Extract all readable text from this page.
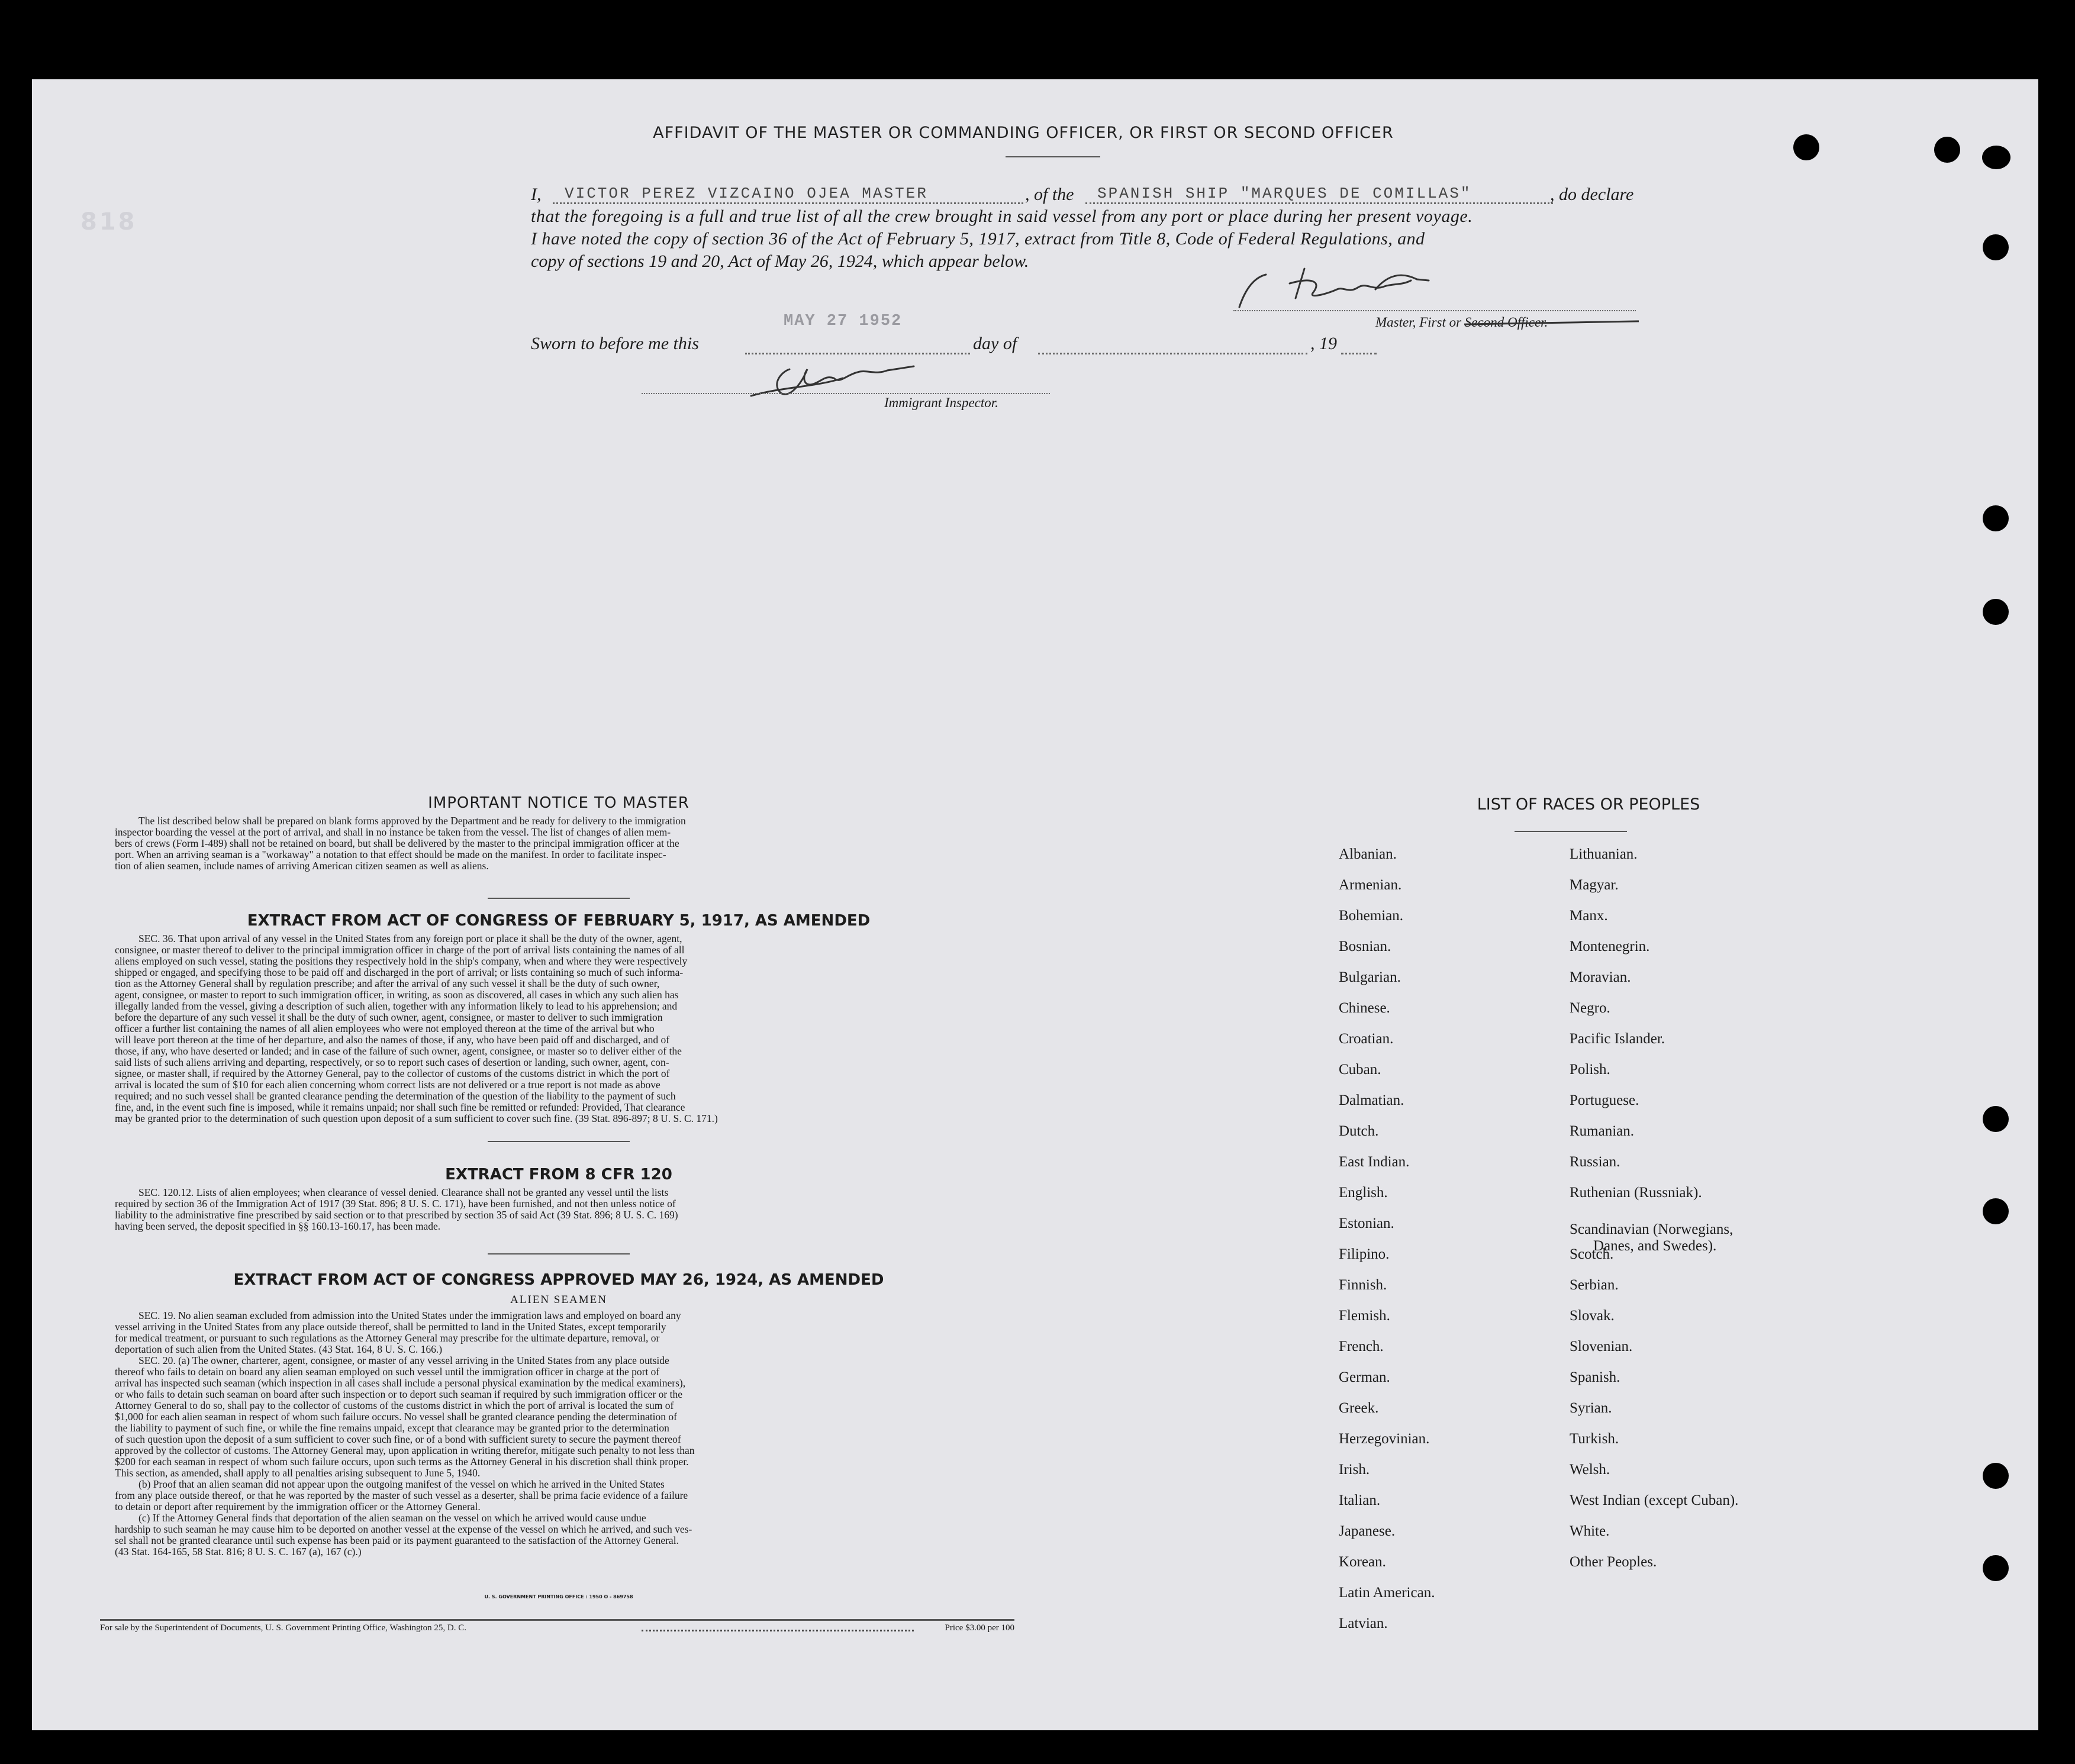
818
AFFIDAVIT OF THE MASTER OR COMMANDING OFFICER, OR FIRST OR SECOND OFFICER
I, VICTOR PEREZ VIZCAINO OJEA MASTER	, of the SPANISH SHIP "MARQUES DE COMILLAS"	, do declare
that the foregoing is a full and true list of all the crew brought in said vessel from any port or place during her present voyage.
I have noted the copy of section 36 of the Act of February 5, 1917, extract from Title 8, Code of Federal Regulations, and
copy of sections 19 and 20, Act of May 26, 1924, which appear below.
Master, First or Second Officer.
Sworn to before me this
MAY 27 1952
day of	, 19
Immigrant Inspector.
IMPORTANT NOTICE TO MASTER
The list described below shall be prepared on blank forms approved by the Department and be ready for delivery to the immigration
inspector boarding the vessel at the port of arrival, and shall in no instance be taken from the vessel. The list of changes of alien mem-
bers of crews (Form I-489) shall not be retained on board, but shall be delivered by the master to the principal immigration officer at the
port. When an arriving seaman is a "workaway" a notation to that effect should be made on the manifest. In order to facilitate inspec-
tion of alien seamen, include names of arriving American citizen seamen as well as aliens.
EXTRACT FROM ACT OF CONGRESS OF FEBRUARY 5, 1917, AS AMENDED
SEC. 36. That upon arrival of any vessel in the United States from any foreign port or place it shall be the duty of the owner, agent,
consignee, or master thereof to deliver to the principal immigration officer in charge of the port of arrival lists containing the names of all
aliens employed on such vessel, stating the positions they respectively hold in the ship's company, when and where they were respectively
shipped or engaged, and specifying those to be paid off and discharged in the port of arrival; or lists containing so much of such informa-
tion as the Attorney General shall by regulation prescribe; and after the arrival of any such vessel it shall be the duty of such owner,
agent, consignee, or master to report to such immigration officer, in writing, as soon as discovered, all cases in which any such alien has
illegally landed from the vessel, giving a description of such alien, together with any information likely to lead to his apprehension; and
before the departure of any such vessel it shall be the duty of such owner, agent, consignee, or master to deliver to such immigration
officer a further list containing the names of all alien employees who were not employed thereon at the time of the arrival but who
will leave port thereon at the time of her departure, and also the names of those, if any, who have been paid off and discharged, and of
those, if any, who have deserted or landed; and in case of the failure of such owner, agent, consignee, or master so to deliver either of the
said lists of such aliens arriving and departing, respectively, or so to report such cases of desertion or landing, such owner, agent, con-
signee, or master shall, if required by the Attorney General, pay to the collector of customs of the customs district in which the port of
arrival is located the sum of $10 for each alien concerning whom correct lists are not delivered or a true report is not made as above
required; and no such vessel shall be granted clearance pending the determination of the question of the liability to the payment of such
fine, and, in the event such fine is imposed, while it remains unpaid; nor shall such fine be remitted or refunded: Provided, That clearance
may be granted prior to the determination of such question upon deposit of a sum sufficient to cover such fine. (39 Stat. 896-897; 8 U. S. C. 171.)
EXTRACT FROM 8 CFR 120
SEC. 120.12. Lists of alien employees; when clearance of vessel denied. Clearance shall not be granted any vessel until the lists
required by section 36 of the Immigration Act of 1917 (39 Stat. 896; 8 U. S. C. 171), have been furnished, and not then unless notice of
liability to the administrative fine prescribed by said section or to that prescribed by section 35 of said Act (39 Stat. 896; 8 U. S. C. 169)
having been served, the deposit specified in §§ 160.13-160.17, has been made.
EXTRACT FROM ACT OF CONGRESS APPROVED MAY 26, 1924, AS AMENDED
ALIEN SEAMEN
SEC. 19. No alien seaman excluded from admission into the United States under the immigration laws and employed on board any
vessel arriving in the United States from any place outside thereof, shall be permitted to land in the United States, except temporarily
for medical treatment, or pursuant to such regulations as the Attorney General may prescribe for the ultimate departure, removal, or
deportation of such alien from the United States. (43 Stat. 164, 8 U. S. C. 166.)
SEC. 20. (a) The owner, charterer, agent, consignee, or master of any vessel arriving in the United States from any place outside
thereof who fails to detain on board any alien seaman employed on such vessel until the immigration officer in charge at the port of
arrival has inspected such seaman (which inspection in all cases shall include a personal physical examination by the medical examiners),
or who fails to detain such seaman on board after such inspection or to deport such seaman if required by such immigration officer or the
Attorney General to do so, shall pay to the collector of customs of the customs district in which the port of arrival is located the sum of
$1,000 for each alien seaman in respect of whom such failure occurs. No vessel shall be granted clearance pending the determination of
the liability to payment of such fine, or while the fine remains unpaid, except that clearance may be granted prior to the determination
of such question upon the deposit of a sum sufficient to cover such fine, or of a bond with sufficient surety to secure the payment thereof
approved by the collector of customs. The Attorney General may, upon application in writing therefor, mitigate such penalty to not less than
$200 for each seaman in respect of whom such failure occurs, upon such terms as the Attorney General in his discretion shall think proper.
This section, as amended, shall apply to all penalties arising subsequent to June 5, 1940.
(b) Proof that an alien seaman did not appear upon the outgoing manifest of the vessel on which he arrived in the United States
from any place outside thereof, or that he was reported by the master of such vessel as a deserter, shall be prima facie evidence of a failure
to detain or deport after requirement by the immigration officer or the Attorney General.
(c) If the Attorney General finds that deportation of the alien seaman on the vessel on which he arrived would cause undue
hardship to such seaman he may cause him to be deported on another vessel at the expense of the vessel on which he arrived, and such ves-
sel shall not be granted clearance until such expense has been paid or its payment guaranteed to the satisfaction of the Attorney General.
(43 Stat. 164-165, 58 Stat. 816; 8 U. S. C. 167 (a), 167 (c).)
U. S. GOVERNMENT PRINTING OFFICE : 1950 O - 869758
For sale by the Superintendent of Documents, U. S. Government Printing Office, Washington 25, D. C.	Price $3.00 per 100
LIST OF RACES OR PEOPLES
Albanian.
Armenian.
Bohemian.
Bosnian.
Bulgarian.
Chinese.
Croatian.
Cuban.
Dalmatian.
Dutch.
East Indian.
English.
Estonian.
Filipino.
Finnish.
Flemish.
French.
German.
Greek.
Herzegovinian.
Irish.
Italian.
Japanese.
Korean.
Latin American.
Latvian.
Lithuanian.
Magyar.
Manx.
Montenegrin.
Moravian.
Negro.
Pacific Islander.
Polish.
Portuguese.
Rumanian.
Russian.
Ruthenian (Russniak).
Scandinavian (Norwegians,
Danes, and Swedes).
Scotch.
Serbian.
Slovak.
Slovenian.
Spanish.
Syrian.
Turkish.
Welsh.
West Indian (except Cuban).
White.
Other Peoples.
